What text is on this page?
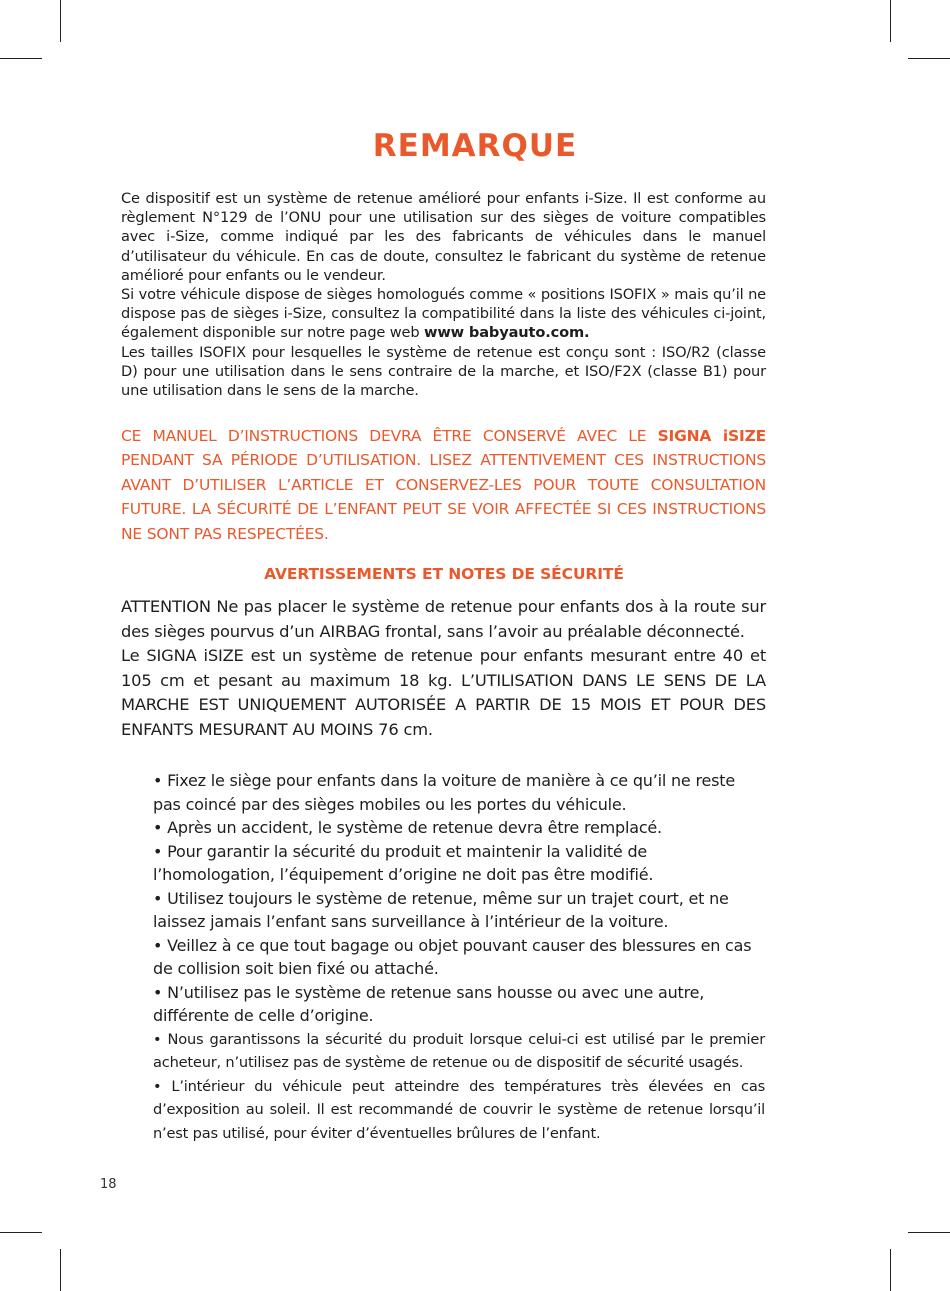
REMARQUE

Ce dispositif est un système de retenue amélioré pour enfants i-Size. Il est conforme au règlement N°129 de l’ONU pour une utilisation sur des sièges de voiture compatibles avec i-Size, comme indiqué par les des fabricants de véhicules dans le manuel d’utilisateur du véhicule. En cas de doute, consultez le fabricant du système de retenue amélioré pour enfants ou le vendeur.

Si votre véhicule dispose de sièges homologués comme « positions ISOFIX » mais qu’il ne dispose pas de sièges i-Size, consultez la compatibilité dans la liste des véhicules ci-joint, également disponible sur notre page web www babyauto.com.

Les tailles ISOFIX pour lesquelles le système de retenue est conçu sont : ISO/R2 (classe D) pour une utilisation dans le sens contraire de la marche, et ISO/F2X (classe B1) pour une utilisation dans le sens de la marche.

CE MANUEL D’INSTRUCTIONS DEVRA ÊTRE CONSERVÉ AVEC LE SIGNA iSIZE PENDANT SA PÉRIODE D’UTILISATION. LISEZ ATTENTIVEMENT CES INSTRUCTIONS AVANT D’UTILISER L’ARTICLE ET CONSERVEZ-LES POUR TOUTE CONSULTATION FUTURE. LA SÉCURITÉ DE L’ENFANT PEUT SE VOIR AFFECTÉE SI CES INSTRUCTIONS NE SONT PAS RESPECTÉES.
AVERTISSEMENTS ET NOTES DE SÉCURITÉ

ATTENTION Ne pas placer le système de retenue pour enfants dos à la route sur des sièges pourvus d’un AIRBAG frontal, sans l’avoir au préalable déconnecté.

Le SIGNA iSIZE est un système de retenue pour enfants mesurant entre 40 et 105 cm et pesant au maximum 18 kg. L’UTILISATION DANS LE SENS DE LA MARCHE EST UNIQUEMENT AUTORISÉE A PARTIR DE 15 MOIS ET POUR DES ENFANTS MESURANT AU MOINS 76 cm.

• Fixez le siège pour enfants dans la voiture de manière à ce qu’il ne reste pas coincé par des sièges mobiles ou les portes du véhicule.

• Après un accident, le système de retenue devra être remplacé.

• Pour garantir la sécurité du produit et maintenir la validité de l’homologation, l’équipement d’origine ne doit pas être modifié.

• Utilisez toujours le système de retenue, même sur un trajet court, et ne laissez jamais l’enfant sans surveillance à l’intérieur de la voiture.

• Veillez à ce que tout bagage ou objet pouvant causer des blessures en cas de collision soit bien fixé ou attaché.

• N’utilisez pas le système de retenue sans housse ou avec une autre, différente de celle d’origine.

• Nous garantissons la sécurité du produit lorsque celui-ci est utilisé par le premier acheteur, n’utilisez pas de système de retenue ou de dispositif de sécurité usagés.

• L’intérieur du véhicule peut atteindre des températures très élevées en cas d’exposition au soleil. Il est recommandé de couvrir le système de retenue lorsqu’il n’est pas utilisé, pour éviter d’éventuelles brûlures de l’enfant.

18
